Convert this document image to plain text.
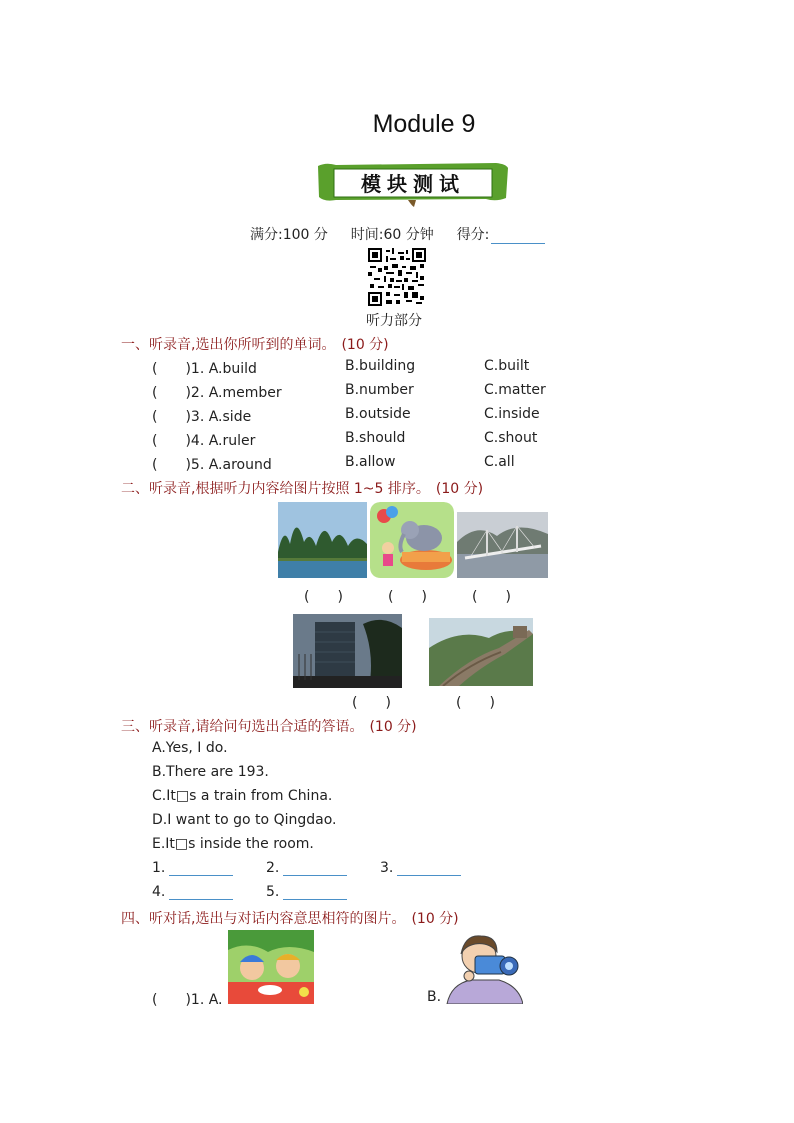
Module 9
模块测试
满分:100 分 时间:60 分钟 得分:
听力部分
一、听录音,选出你所听到的单词。 (10 分)
(　　)1. A.build	B.building	C.built
(　　)2. A.member	B.number	C.matter
(　　)3. A.side	B.outside	C.inside
(　　)4. A.ruler	B.should	C.shout
(　　)5. A.around	B.allow	C.all
二、听录音,根据听力内容给图片按照 1~5 排序。 (10 分)
(　　)	(　　)	(　　)
(　　)	(　　)
三、听录音,请给问句选出合适的答语。 (10 分)
A.Yes, I do.
B.There are 193.
C.It□s a train from China.
D.I want to go to Qingdao.
E.It□s inside the room.
1.	2.	3.
4.	5.
四、听对话,选出与对话内容意思相符的图片。 (10 分)
(　　)1. A.	B.
